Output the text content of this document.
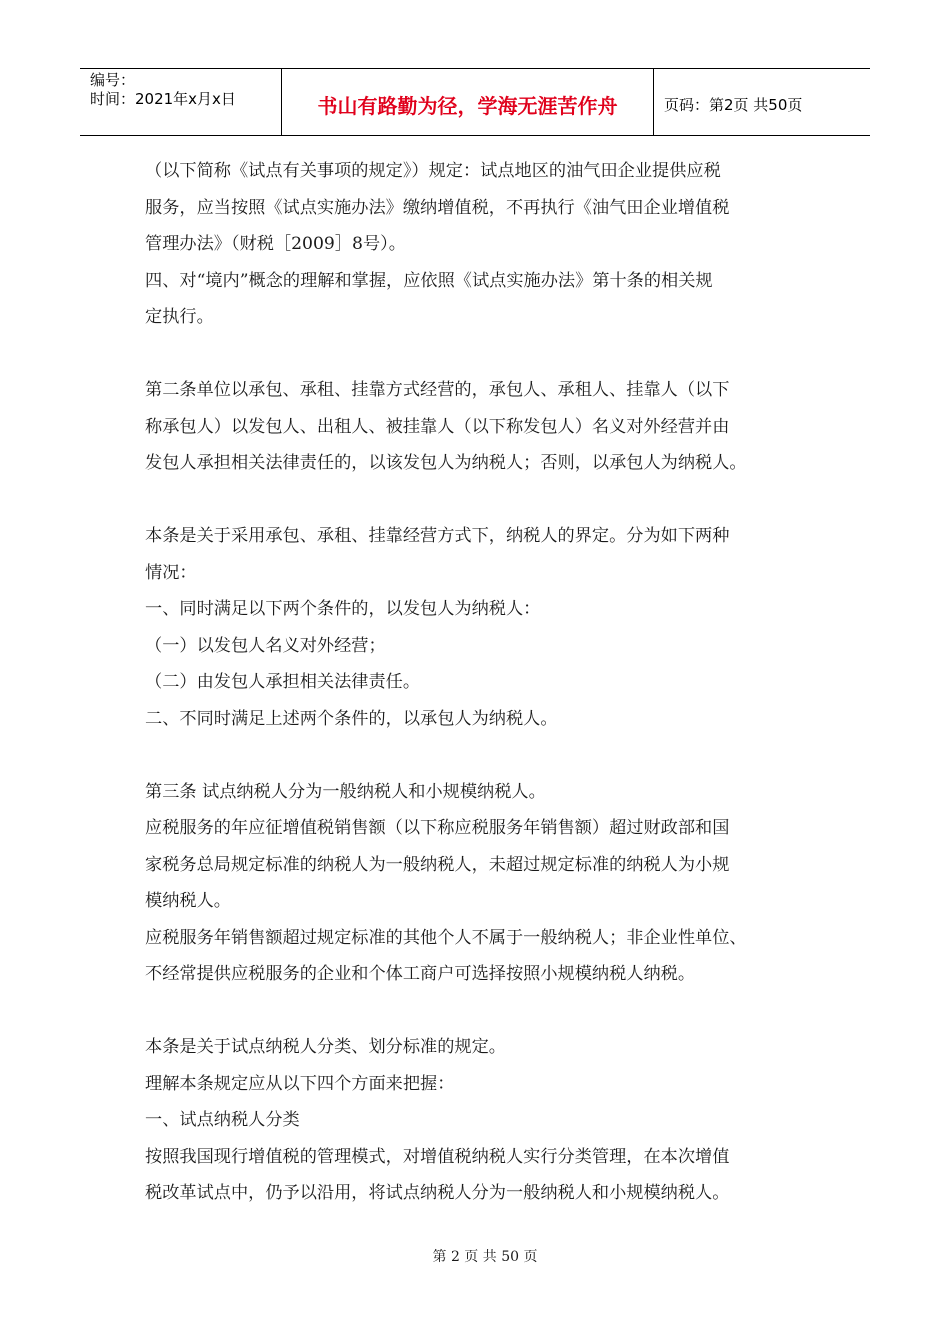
编号：
时间：2021年x月x日	书山有路勤为径，学海无涯苦作舟	页码：第2页 共50页

（以下简称《试点有关事项的规定》）规定：试点地区的油气田企业提供应税

服务，应当按照《试点实施办法》缴纳增值税，不再执行《油气田企业增值税

管理办法》（财税［2009］8号）。

四、对“境内”概念的理解和掌握，应依照《试点实施办法》第十条的相关规

定执行。

第二条单位以承包、承租、挂靠方式经营的，承包人、承租人、挂靠人（以下

称承包人）以发包人、出租人、被挂靠人（以下称发包人）名义对外经营并由

发包人承担相关法律责任的，以该发包人为纳税人；否则，以承包人为纳税人。

本条是关于采用承包、承租、挂靠经营方式下，纳税人的界定。分为如下两种

情况：

一、同时满足以下两个条件的，以发包人为纳税人：

（一）以发包人名义对外经营；

（二）由发包人承担相关法律责任。

二、不同时满足上述两个条件的，以承包人为纳税人。

第三条 试点纳税人分为一般纳税人和小规模纳税人。

应税服务的年应征增值税销售额（以下称应税服务年销售额）超过财政部和国

家税务总局规定标准的纳税人为一般纳税人，未超过规定标准的纳税人为小规

模纳税人。

应税服务年销售额超过规定标准的其他个人不属于一般纳税人；非企业性单位、

不经常提供应税服务的企业和个体工商户可选择按照小规模纳税人纳税。

本条是关于试点纳税人分类、划分标准的规定。

理解本条规定应从以下四个方面来把握：

一、试点纳税人分类

按照我国现行增值税的管理模式，对增值税纳税人实行分类管理，在本次增值

税改革试点中，仍予以沿用，将试点纳税人分为一般纳税人和小规模纳税人。

第 2 页 共 50 页
